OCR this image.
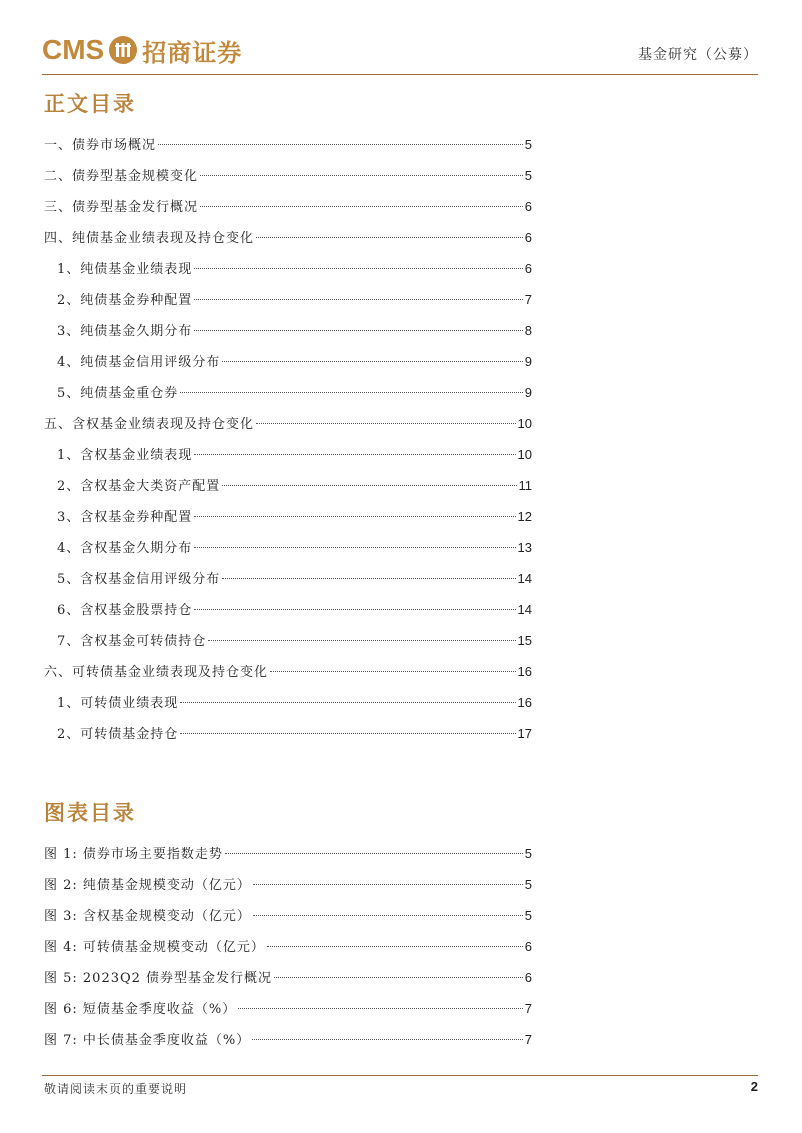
CMS 招商证券	基金研究（公募）
正文目录
一、债券市场概况	5
二、债券型基金规模变化	5
三、债券型基金发行概况	6
四、纯债基金业绩表现及持仓变化	6
1、纯债基金业绩表现	6
2、纯债基金券种配置	7
3、纯债基金久期分布	8
4、纯债基金信用评级分布	9
5、纯债基金重仓券	9
五、含权基金业绩表现及持仓变化	10
1、含权基金业绩表现	10
2、含权基金大类资产配置	11
3、含权基金券种配置	12
4、含权基金久期分布	13
5、含权基金信用评级分布	14
6、含权基金股票持仓	14
7、含权基金可转债持仓	15
六、可转债基金业绩表现及持仓变化	16
1、可转债业绩表现	16
2、可转债基金持仓	17
图表目录
图 1: 债券市场主要指数走势	5
图 2: 纯债基金规模变动（亿元）	5
图 3: 含权基金规模变动（亿元）	5
图 4: 可转债基金规模变动（亿元）	6
图 5: 2023Q2 债券型基金发行概况	6
图 6: 短债基金季度收益（%）	7
图 7: 中长债基金季度收益（%）	7
敬请阅读末页的重要说明	2
